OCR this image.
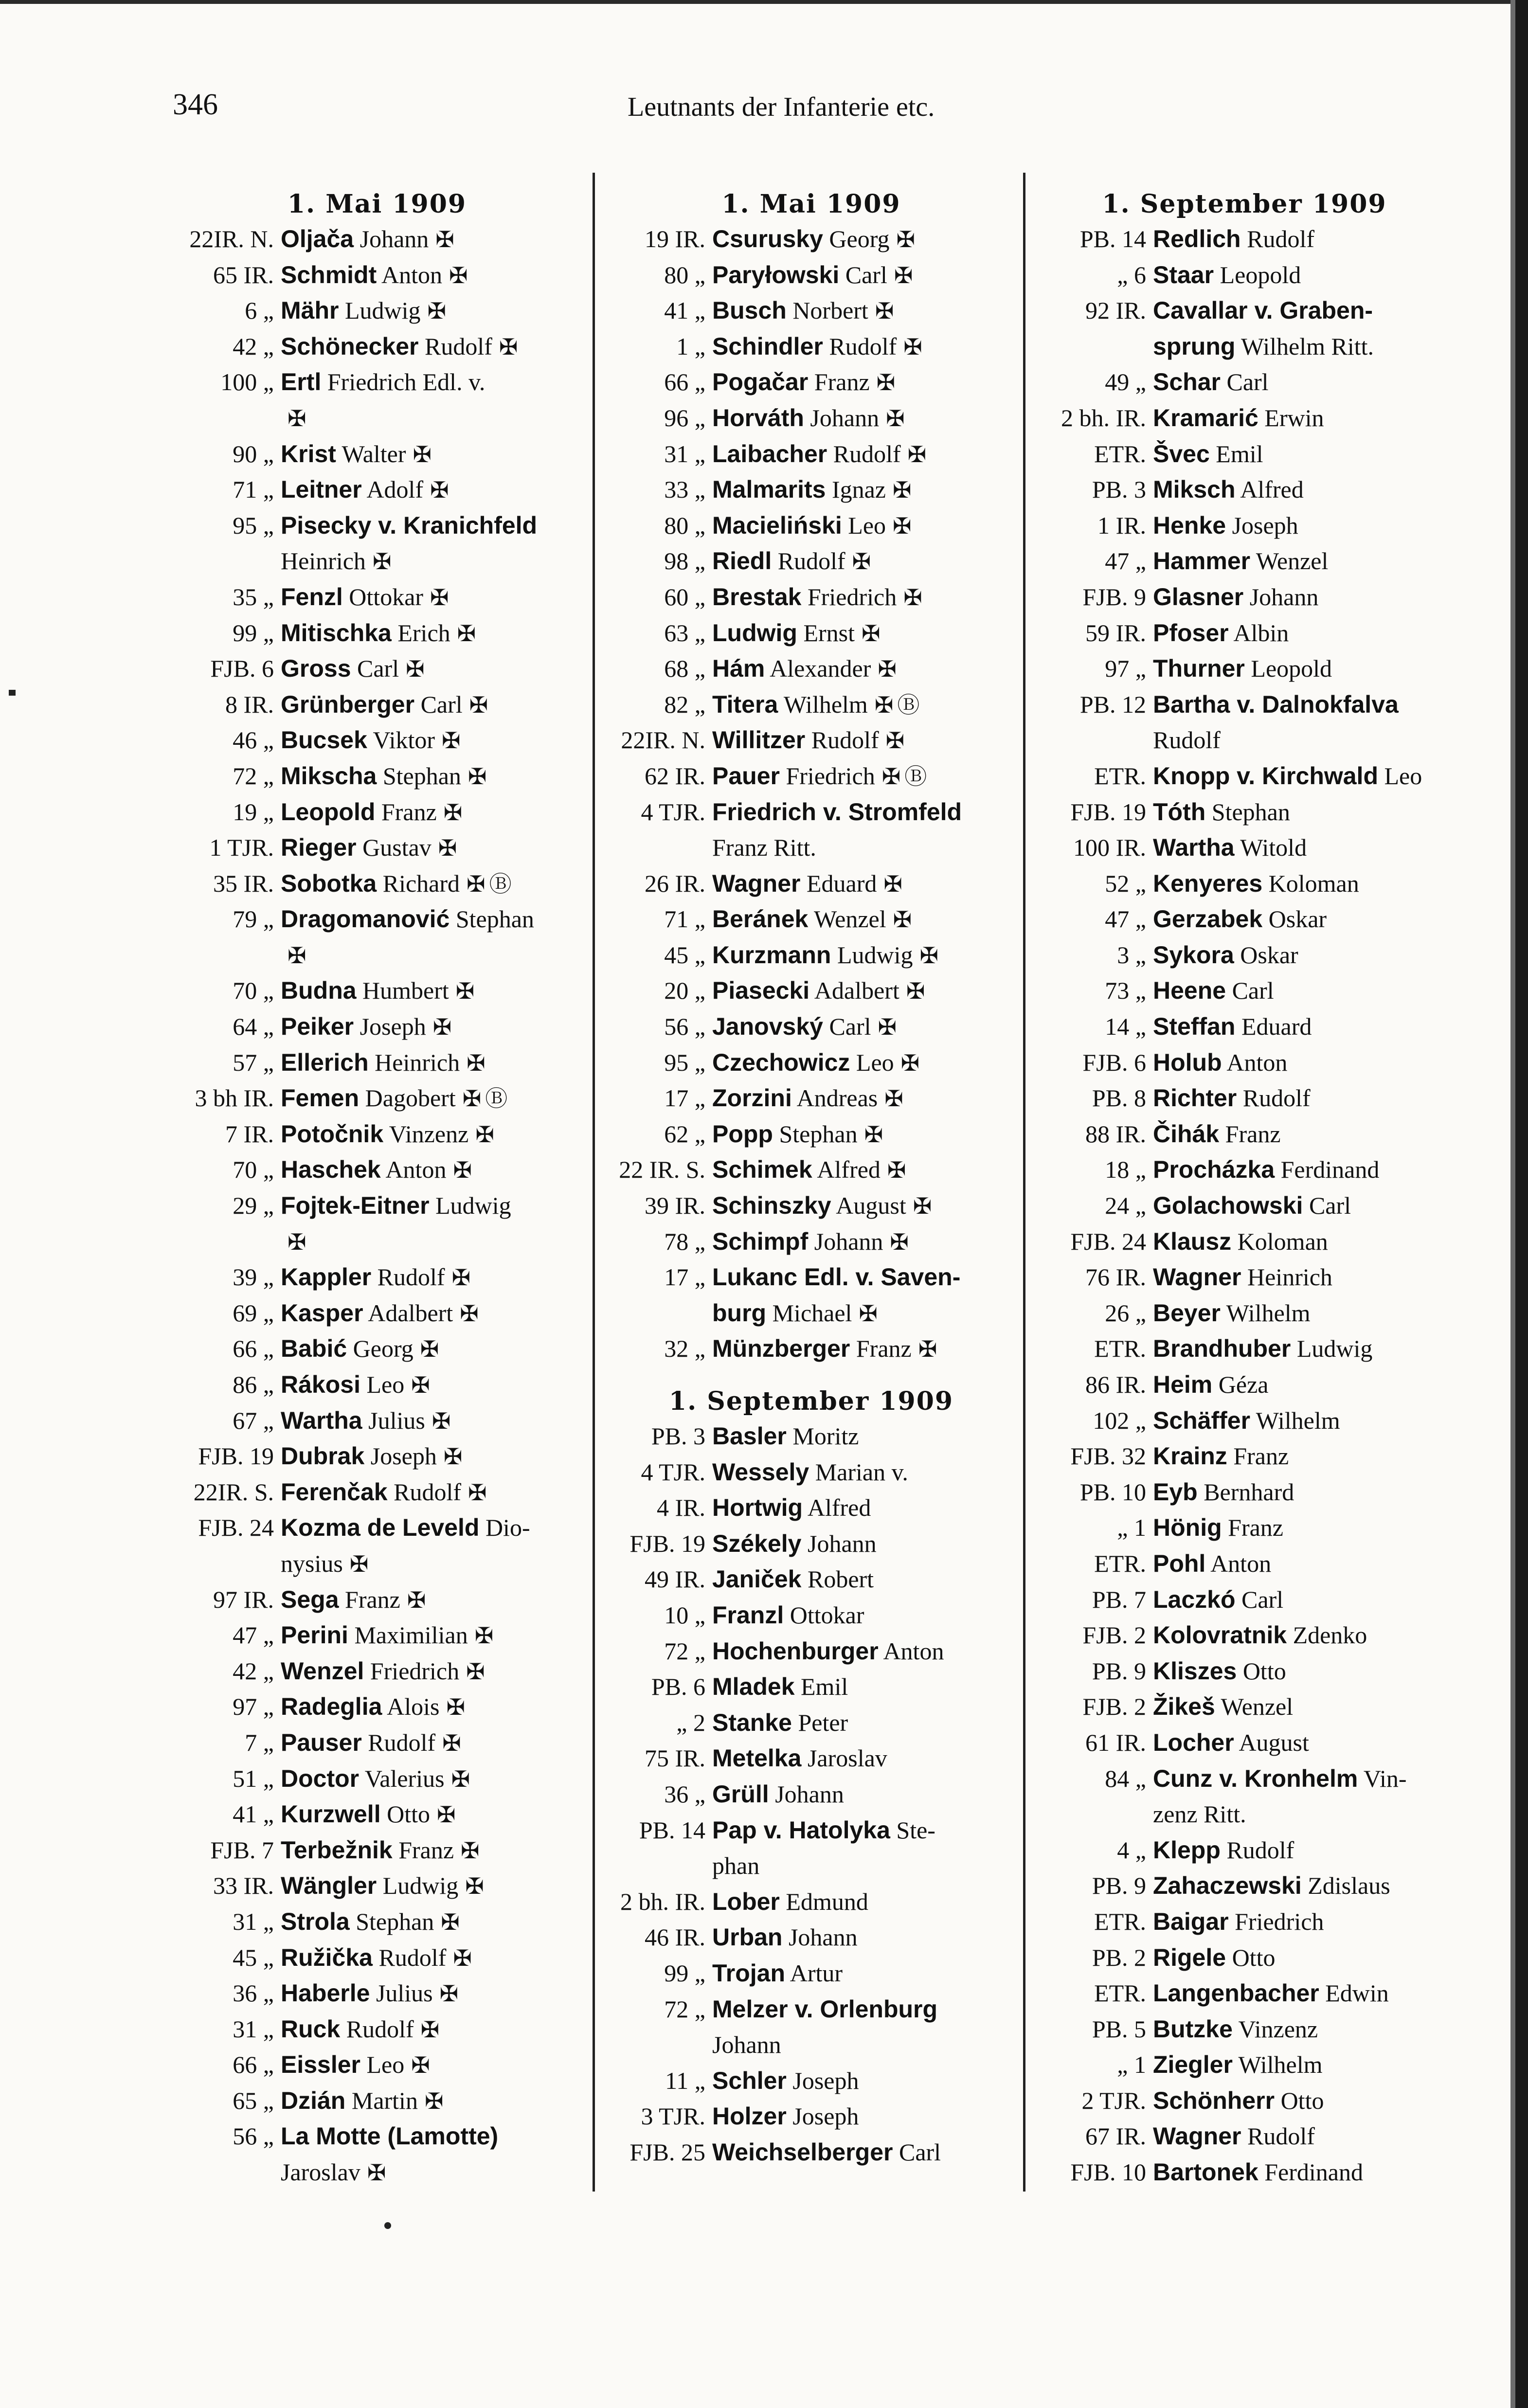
346	Leutnants der Infanterie etc.
1. Mai 1909
22IR. N. Oljača Johann ✠
65 IR. Schmidt Anton ✠
6 „ Mähr Ludwig ✠
42 „ Schönecker Rudolf ✠
100 „ Ertl Friedrich Edl. v.
✠
90 „ Krist Walter ✠
71 „ Leitner Adolf ✠
95 „ Pisecky v. Kranichfeld
Heinrich ✠
35 „ Fenzl Ottokar ✠
99 „ Mitischka Erich ✠
FJB. 6 Gross Carl ✠
8 IR. Grünberger Carl ✠
46 „ Bucsek Viktor ✠
72 „ Mikscha Stephan ✠
19 „ Leopold Franz ✠
1 TJR. Rieger Gustav ✠
35 IR. Sobotka Richard ✠ Ⓑ
79 „ Dragomanović Stephan
✠
70 „ Budna Humbert ✠
64 „ Peiker Joseph ✠
57 „ Ellerich Heinrich ✠
3 bh IR. Femen Dagobert ✠ Ⓑ
7 IR. Potočnik Vinzenz ✠
70 „ Haschek Anton ✠
29 „ Fojtek-Eitner Ludwig
✠
39 „ Kappler Rudolf ✠
69 „ Kasper Adalbert ✠
66 „ Babić Georg ✠
86 „ Rákosi Leo ✠
67 „ Wartha Julius ✠
FJB. 19 Dubrak Joseph ✠
22IR. S. Ferenčak Rudolf ✠
FJB. 24 Kozma de Leveld Dio-
nysius ✠
97 IR. Sega Franz ✠
47 „ Perini Maximilian ✠
42 „ Wenzel Friedrich ✠
97 „ Radeglia Alois ✠
7 „ Pauser Rudolf ✠
51 „ Doctor Valerius ✠
41 „ Kurzwell Otto ✠
FJB. 7 Terbežnik Franz ✠
33 IR. Wängler Ludwig ✠
31 „ Strola Stephan ✠
45 „ Ružička Rudolf ✠
36 „ Haberle Julius ✠
31 „ Ruck Rudolf ✠
66 „ Eissler Leo ✠
65 „ Dzián Martin ✠
56 „ La Motte (Lamotte)
Jaroslav ✠
1. Mai 1909
19 IR. Csurusky Georg ✠
80 „ Paryłowski Carl ✠
41 „ Busch Norbert ✠
1 „ Schindler Rudolf ✠
66 „ Pogačar Franz ✠
96 „ Horváth Johann ✠
31 „ Laibacher Rudolf ✠
33 „ Malmarits Ignaz ✠
80 „ Macieliński Leo ✠
98 „ Riedl Rudolf ✠
60 „ Brestak Friedrich ✠
63 „ Ludwig Ernst ✠
68 „ Hám Alexander ✠
82 „ Titera Wilhelm ✠ Ⓑ
22IR. N. Willitzer Rudolf ✠
62 IR. Pauer Friedrich ✠ Ⓑ
4 TJR. Friedrich v. Stromfeld
Franz Ritt.
26 IR. Wagner Eduard ✠
71 „ Beránek Wenzel ✠
45 „ Kurzmann Ludwig ✠
20 „ Piasecki Adalbert ✠
56 „ Janovský Carl ✠
95 „ Czechowicz Leo ✠
17 „ Zorzini Andreas ✠
62 „ Popp Stephan ✠
22 IR. S. Schimek Alfred ✠
39 IR. Schinszky August ✠
78 „ Schimpf Johann ✠
17 „ Lukanc Edl. v. Saven-
burg Michael ✠
32 „ Münzberger Franz ✠
1. September 1909
PB. 3 Basler Moritz
4 TJR. Wessely Marian v.
4 IR. Hortwig Alfred
FJB. 19 Székely Johann
49 IR. Janiček Robert
10 „ Franzl Ottokar
72 „ Hochenburger Anton
PB. 6 Mladek Emil
„ 2 Stanke Peter
75 IR. Metelka Jaroslav
36 „ Grüll Johann
PB. 14 Pap v. Hatolyka Ste-
phan
2 bh. IR. Lober Edmund
46 IR. Urban Johann
99 „ Trojan Artur
72 „ Melzer v. Orlenburg
Johann
11 „ Schler Joseph
3 TJR. Holzer Joseph
FJB. 25 Weichselberger Carl
1. September 1909
PB. 14 Redlich Rudolf
„ 6 Staar Leopold
92 IR. Cavallar v. Graben-
sprung Wilhelm Ritt.
49 „ Schar Carl
2 bh. IR. Kramarić Erwin
ETR. Švec Emil
PB. 3 Miksch Alfred
1 IR. Henke Joseph
47 „ Hammer Wenzel
FJB. 9 Glasner Johann
59 IR. Pfoser Albin
97 „ Thurner Leopold
PB. 12 Bartha v. Dalnokfalva
Rudolf
ETR. Knopp v. Kirchwald Leo
FJB. 19 Tóth Stephan
100 IR. Wartha Witold
52 „ Kenyeres Koloman
47 „ Gerzabek Oskar
3 „ Sykora Oskar
73 „ Heene Carl
14 „ Steffan Eduard
FJB. 6 Holub Anton
PB. 8 Richter Rudolf
88 IR. Čihák Franz
18 „ Procházka Ferdinand
24 „ Golachowski Carl
FJB. 24 Klausz Koloman
76 IR. Wagner Heinrich
26 „ Beyer Wilhelm
ETR. Brandhuber Ludwig
86 IR. Heim Géza
102 „ Schäffer Wilhelm
FJB. 32 Krainz Franz
PB. 10 Eyb Bernhard
„ 1 Hönig Franz
ETR. Pohl Anton
PB. 7 Laczkó Carl
FJB. 2 Kolovratnik Zdenko
PB. 9 Kliszes Otto
FJB. 2 Žikeš Wenzel
61 IR. Locher August
84 „ Cunz v. Kronhelm Vin-
zenz Ritt.
4 „ Klepp Rudolf
PB. 9 Zahaczewski Zdislaus
ETR. Baigar Friedrich
PB. 2 Rigele Otto
ETR. Langenbacher Edwin
PB. 5 Butzke Vinzenz
„ 1 Ziegler Wilhelm
2 TJR. Schönherr Otto
67 IR. Wagner Rudolf
FJB. 10 Bartonek Ferdinand
